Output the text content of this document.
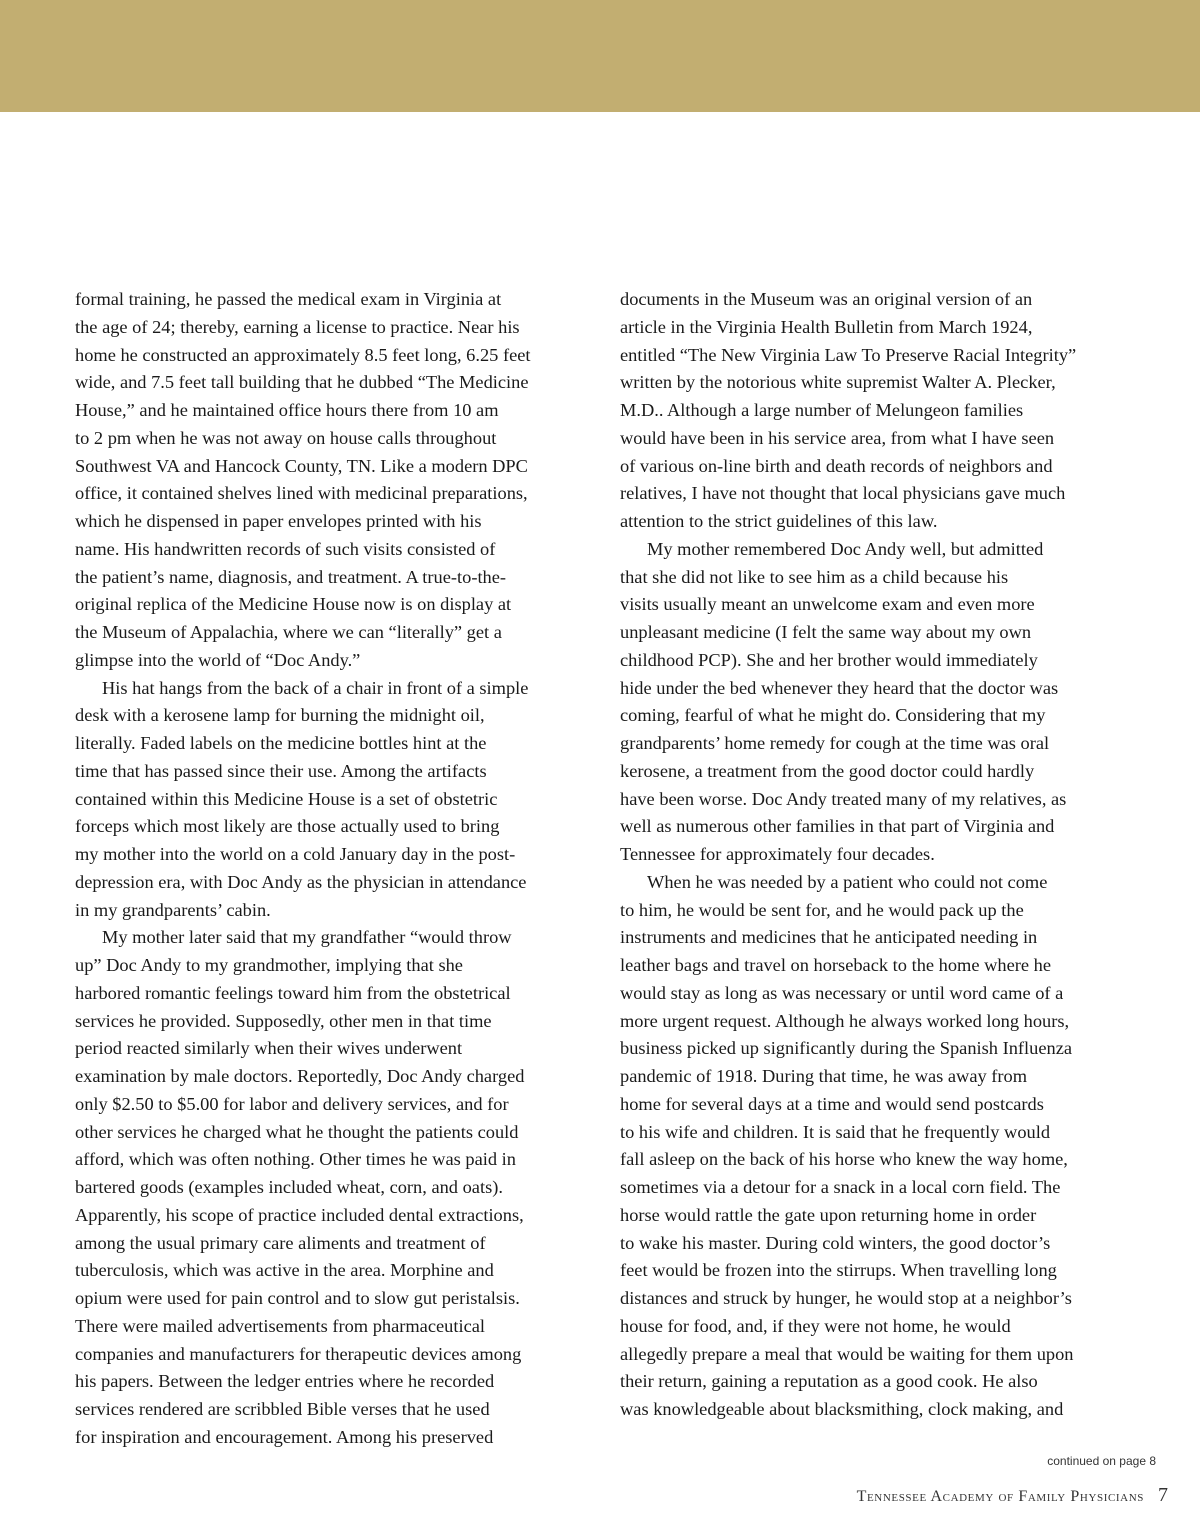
formal training, he passed the medical exam in Virginia at
the age of 24; thereby, earning a license to practice. Near his
home he constructed an approximately 8.5 feet long, 6.25 feet
wide, and 7.5 feet tall building that he dubbed “The Medicine
House,” and he maintained office hours there from 10 am
to 2 pm when he was not away on house calls throughout
Southwest VA and Hancock County, TN. Like a modern DPC
office, it contained shelves lined with medicinal preparations,
which he dispensed in paper envelopes printed with his
name. His handwritten records of such visits consisted of
the patient’s name, diagnosis, and treatment. A true-to-the-
original replica of the Medicine House now is on display at
the Museum of Appalachia, where we can “literally” get a
glimpse into the world of “Doc Andy.”
His hat hangs from the back of a chair in front of a simple
desk with a kerosene lamp for burning the midnight oil,
literally. Faded labels on the medicine bottles hint at the
time that has passed since their use. Among the artifacts
contained within this Medicine House is a set of obstetric
forceps which most likely are those actually used to bring
my mother into the world on a cold January day in the post-
depression era, with Doc Andy as the physician in attendance
in my grandparents’ cabin.
My mother later said that my grandfather “would throw
up” Doc Andy to my grandmother, implying that she
harbored romantic feelings toward him from the obstetrical
services he provided. Supposedly, other men in that time
period reacted similarly when their wives underwent
examination by male doctors. Reportedly, Doc Andy charged
only $2.50 to $5.00 for labor and delivery services, and for
other services he charged what he thought the patients could
afford, which was often nothing. Other times he was paid in
bartered goods (examples included wheat, corn, and oats).
Apparently, his scope of practice included dental extractions,
among the usual primary care aliments and treatment of
tuberculosis, which was active in the area. Morphine and
opium were used for pain control and to slow gut peristalsis.
There were mailed advertisements from pharmaceutical
companies and manufacturers for therapeutic devices among
his papers. Between the ledger entries where he recorded
services rendered are scribbled Bible verses that he used
for inspiration and encouragement. Among his preserved
documents in the Museum was an original version of an
article in the Virginia Health Bulletin from March 1924,
entitled “The New Virginia Law To Preserve Racial Integrity”
written by the notorious white supremist Walter A. Plecker,
M.D.. Although a large number of Melungeon families
would have been in his service area, from what I have seen
of various on-line birth and death records of neighbors and
relatives, I have not thought that local physicians gave much
attention to the strict guidelines of this law.
My mother remembered Doc Andy well, but admitted
that she did not like to see him as a child because his
visits usually meant an unwelcome exam and even more
unpleasant medicine (I felt the same way about my own
childhood PCP). She and her brother would immediately
hide under the bed whenever they heard that the doctor was
coming, fearful of what he might do. Considering that my
grandparents’ home remedy for cough at the time was oral
kerosene, a treatment from the good doctor could hardly
have been worse. Doc Andy treated many of my relatives, as
well as numerous other families in that part of Virginia and
Tennessee for approximately four decades.
When he was needed by a patient who could not come
to him, he would be sent for, and he would pack up the
instruments and medicines that he anticipated needing in
leather bags and travel on horseback to the home where he
would stay as long as was necessary or until word came of a
more urgent request. Although he always worked long hours,
business picked up significantly during the Spanish Influenza
pandemic of 1918. During that time, he was away from
home for several days at a time and would send postcards
to his wife and children. It is said that he frequently would
fall asleep on the back of his horse who knew the way home,
sometimes via a detour for a snack in a local corn field. The
horse would rattle the gate upon returning home in order
to wake his master. During cold winters, the good doctor’s
feet would be frozen into the stirrups. When travelling long
distances and struck by hunger, he would stop at a neighbor’s
house for food, and, if they were not home, he would
allegedly prepare a meal that would be waiting for them upon
their return, gaining a reputation as a good cook. He also
was knowledgeable about blacksmithing, clock making, and
continued on page 8
Tennessee Academy of Family Physicians 7
